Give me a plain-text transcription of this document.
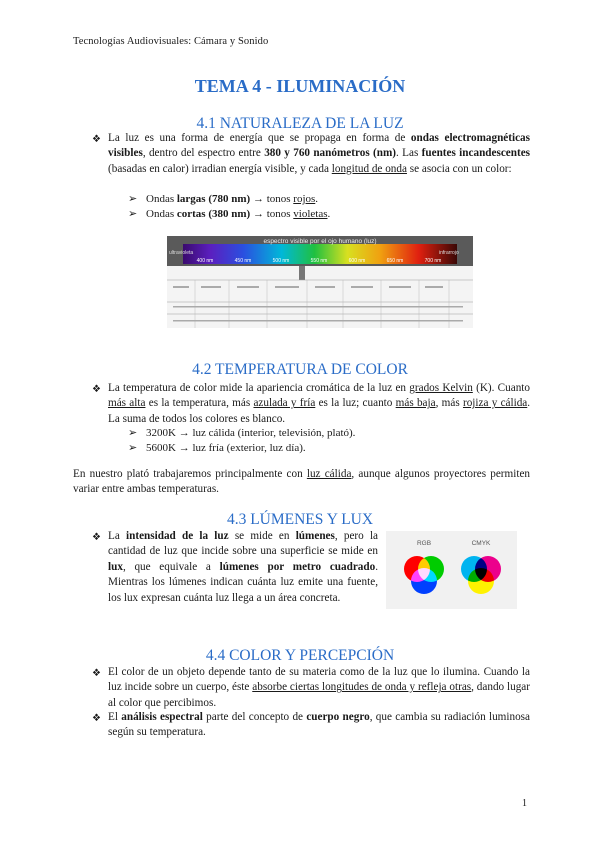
Tecnologías Audiovisuales: Cámara y Sonido
TEMA 4 - ILUMINACIÓN
4.1 NATURALEZA DE LA LUZ
❖ La luz es una forma de energía que se propaga en forma de ondas electromagnéticas visibles, dentro del espectro entre 380 y 760 nanómetros (nm). Las fuentes incandescentes (basadas en calor) irradian energía visible, y cada longitud de onda se asocia con un color:
➢ Ondas largas (780 nm) → tonos rojos.
➢ Ondas cortas (380 nm) → tonos violetas.
espectro visible por el ojo humano (luz)
ultravioleta	infrarrojo
400 nm	450 nm	500 nm	550 nm	600 nm	650 nm	700 nm
4.2 TEMPERATURA DE COLOR
❖ La temperatura de color mide la apariencia cromática de la luz en grados Kelvin (K). Cuanto más alta es la temperatura, más azulada y fría es la luz; cuanto más baja, más rojiza y cálida. La suma de todos los colores es blanco.
➢ 3200K → luz cálida (interior, televisión, plató).
➢ 5600K → luz fría (exterior, luz día).
En nuestro plató trabajaremos principalmente con luz cálida, aunque algunos proyectores permiten variar entre ambas temperaturas.
4.3 LÚMENES Y LUX
❖ La intensidad de la luz se mide en lúmenes, pero la cantidad de luz que incide sobre una superficie se mide en lux, que equivale a lúmenes por metro cuadrado. Mientras los lúmenes indican cuánta luz emite una fuente, los lux expresan cuánta luz llega a un área concreta.
RGB	CMYK
4.4 COLOR Y PERCEPCIÓN
❖ El color de un objeto depende tanto de su materia como de la luz que lo ilumina. Cuando la luz incide sobre un cuerpo, éste absorbe ciertas longitudes de onda y refleja otras, dando lugar al color que percibimos.
❖ El análisis espectral parte del concepto de cuerpo negro, que cambia su radiación luminosa según su temperatura.
1
